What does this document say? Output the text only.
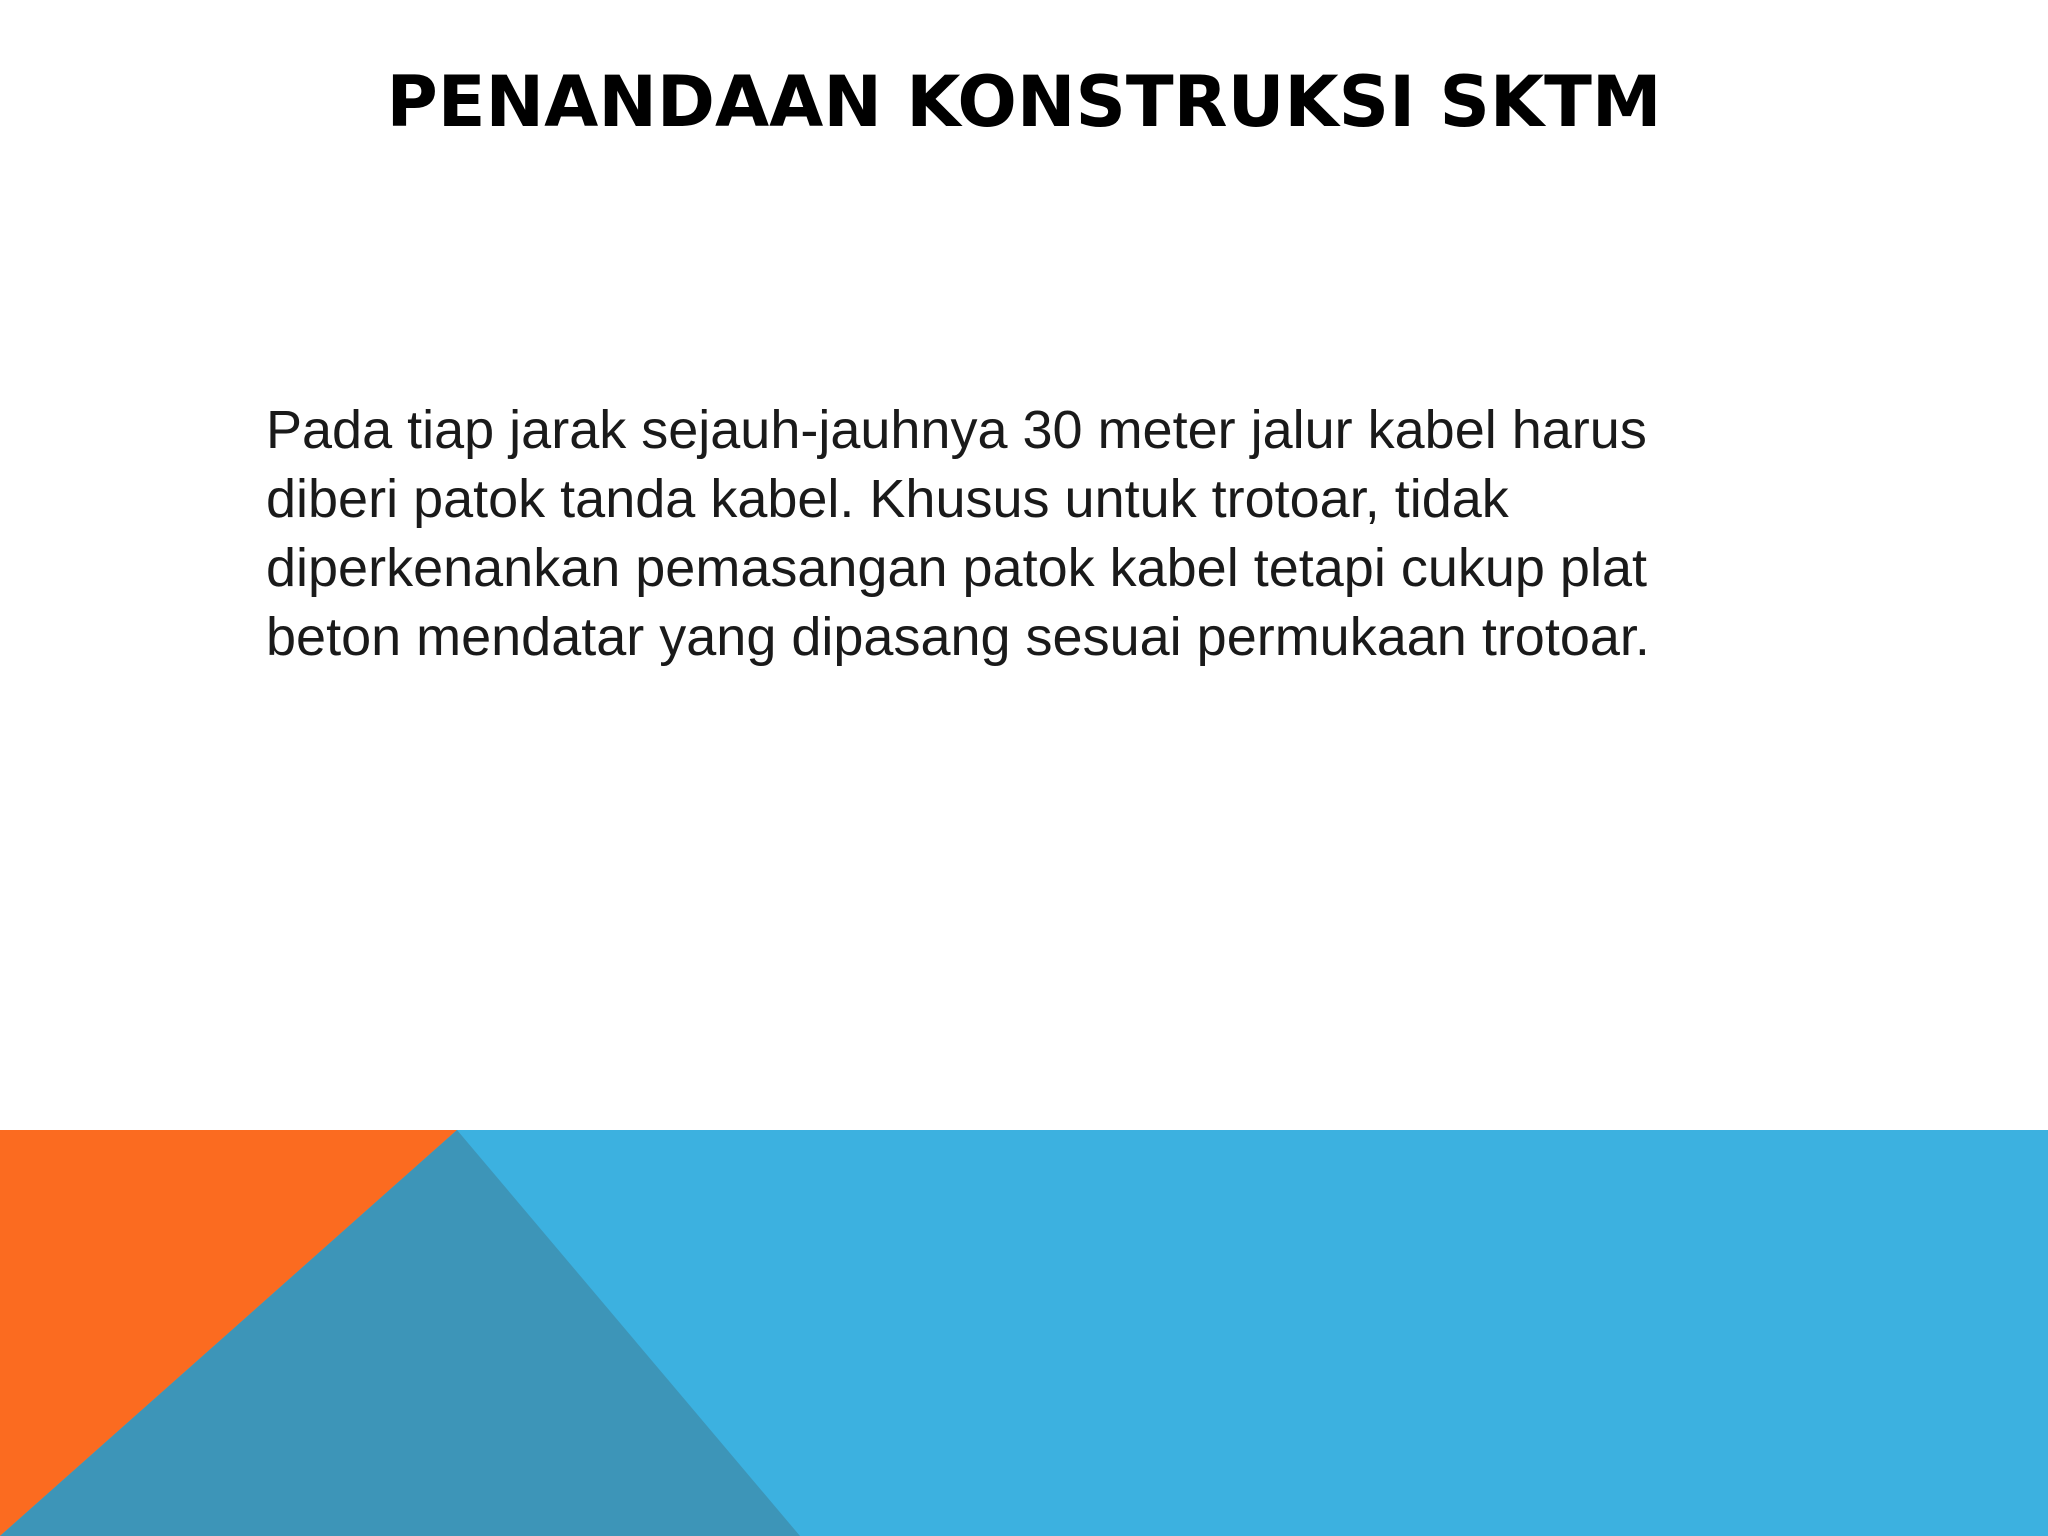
PENANDAAN KONSTRUKSI SKTM

Pada tiap jarak sejauh-jauhnya 30 meter jalur kabel harus diberi patok tanda kabel. Khusus untuk trotoar, tidak diperkenankan pemasangan patok kabel tetapi cukup plat beton mendatar yang dipasang sesuai permukaan trotoar.
